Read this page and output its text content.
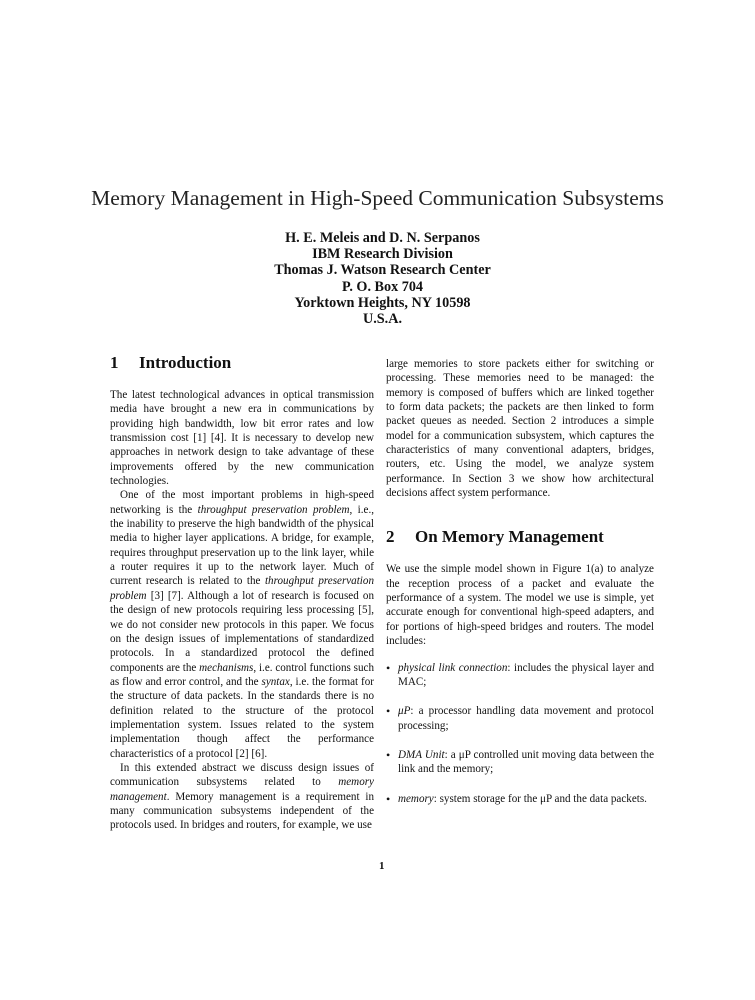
Memory Management in High-Speed Communication Subsystems
H. E. Meleis and D. N. Serpanos
IBM Research Division
Thomas J. Watson Research Center
P. O. Box 704
Yorktown Heights, NY 10598
U.S.A.
1 Introduction

The latest technological advances in optical transmission media have brought a new era in communications by providing high bandwidth, low bit error rates and low transmission cost [1] [4]. It is necessary to develop new approaches in network design to take advantage of these improvements offered by the new communication technologies.

One of the most important problems in high-speed networking is the throughput preservation problem, i.e., the inability to preserve the high bandwidth of the physical media to higher layer applications. A bridge, for example, requires throughput preservation up to the link layer, while a router requires it up to the network layer. Much of current research is related to the throughput preservation problem [3] [7]. Although a lot of research is focused on the design of new protocols requiring less processing [5], we do not consider new protocols in this paper. We focus on the design issues of implementations of standardized protocols. In a standardized protocol the defined components are the mechanisms, i.e. control functions such as flow and error control, and the syntax, i.e. the format for the structure of data packets. In the standards there is no definition related to the structure of the protocol implementation system. Issues related to the system implementation though affect the performance characteristics of a protocol [2] [6].

In this extended abstract we discuss design issues of communication subsystems related to memory management. Memory management is a requirement in many communication subsystems independent of the protocols used. In bridges and routers, for example, we use

large memories to store packets either for switching or processing. These memories need to be managed: the memory is composed of buffers which are linked together to form data packets; the packets are then linked to form packet queues as needed. Section 2 introduces a simple model for a communication subsystem, which captures the characteristics of many conventional adapters, bridges, routers, etc. Using the model, we analyze system performance. In Section 3 we show how architectural decisions affect system performance.

2 On Memory Management

We use the simple model shown in Figure 1(a) to analyze the reception process of a packet and evaluate the performance of a system. The model we use is simple, yet accurate enough for conventional high-speed adapters, and for portions of high-speed bridges and routers. The model includes:

• physical link connection: includes the physical layer and MAC;
• μP: a processor handling data movement and protocol processing;
• DMA Unit: a μP controlled unit moving data between the link and the memory;
• memory: system storage for the μP and the data packets.
1
